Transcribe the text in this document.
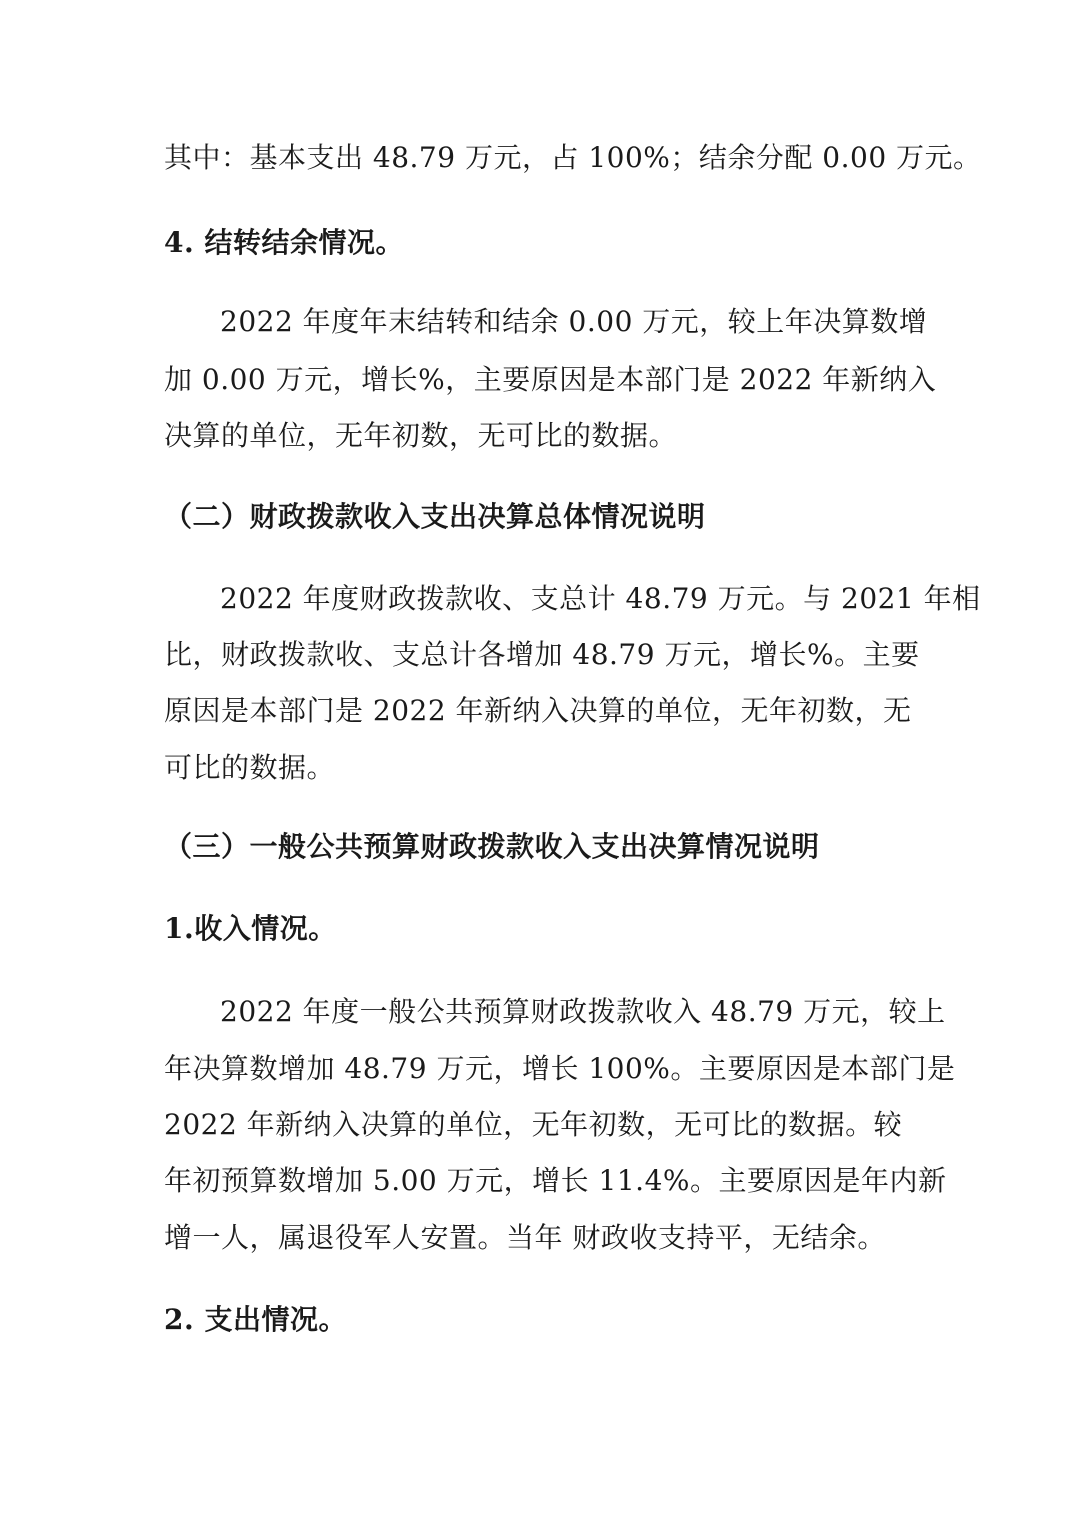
其中：基本支出 48.79 万元，占 100%；结余分配 0.00 万元。
4. 结转结余情况。
2022 年度年末结转和结余 0.00 万元，较上年决算数增
加 0.00 万元，增长%，主要原因是本部门是 2022 年新纳入
决算的单位，无年初数，无可比的数据。
（二）财政拨款收入支出决算总体情况说明
2022 年度财政拨款收、支总计 48.79 万元。与 2021 年相
比，财政拨款收、支总计各增加 48.79 万元，增长%。主要
原因是本部门是 2022 年新纳入决算的单位，无年初数，无
可比的数据。
（三）一般公共预算财政拨款收入支出决算情况说明
1.收入情况。
2022 年度一般公共预算财政拨款收入 48.79 万元，较上
年决算数增加 48.79 万元，增长 100%。主要原因是本部门是
2022 年新纳入决算的单位，无年初数，无可比的数据。较
年初预算数增加 5.00 万元，增长 11.4%。主要原因是年内新
增一人，属退役军人安置。当年 财政收支持平，无结余。
2. 支出情况。
